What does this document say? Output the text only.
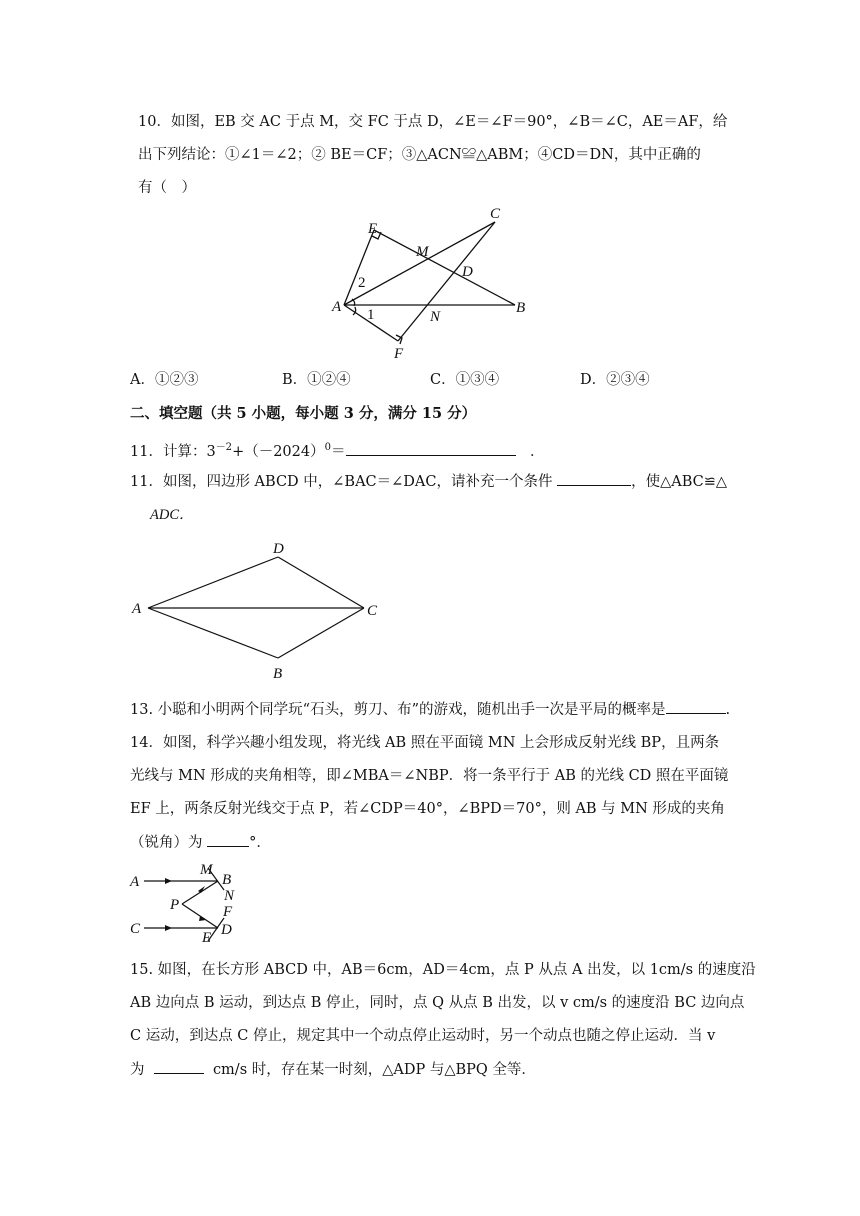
10．如图，EB 交 AC 于点 M，交 FC 于点 D，∠E＝∠F＝90°，∠B＝∠C，AE＝AF，给
出下列结论：①∠1＝∠2；② BE＝CF；③△ACN≌△ABM；④CD＝DN，其中正确的
有（　）
C
E
M
D
2
A 1	N
B
F
A．①②③	B．①②④	C．①③④	D．②③④
二、填空题（共 5 小题，每小题 3 分，满分 15 分）
11．计算：$3^{-2}+(-2024)^0=$　	．
11．如图，四边形 ABCD 中，∠BAC＝∠DAC，请补充一个条件	，使△ABC≌△
ADC．
D
A	C
B
13. 小聪和小明两个同学玩“石头，剪刀、布”的游戏，随机出手一次是平局的概率是	.
14．如图，科学兴趣小组发现，将光线 AB 照在平面镜 MN 上会形成反射光线 BP，且两条
光线与 MN 形成的夹角相等，即∠MBA＝∠NBP．将一条平行于 AB 的光线 CD 照在平面镜
EF 上，两条反射光线交于点 P，若∠CDP＝40°，∠BPD＝70°，则 AB 与 MN 形成的夹角
（锐角）为	°．
A
M
B
N
P	F
C
E D
15. 如图，在长方形 ABCD 中，AB＝6cm，AD＝4cm，点 P 从点 A 出发，以 1cm/s 的速度沿
AB 边向点 B 运动，到达点 B 停止，同时，点 Q 从点 B 出发，以 v cm/s 的速度沿 BC 边向点
C 运动，到达点 C 停止，规定其中一个动点停止运动时，另一个动点也随之停止运动．当 v
为	cm/s 时，存在某一时刻，△ADP 与△BPQ 全等．
